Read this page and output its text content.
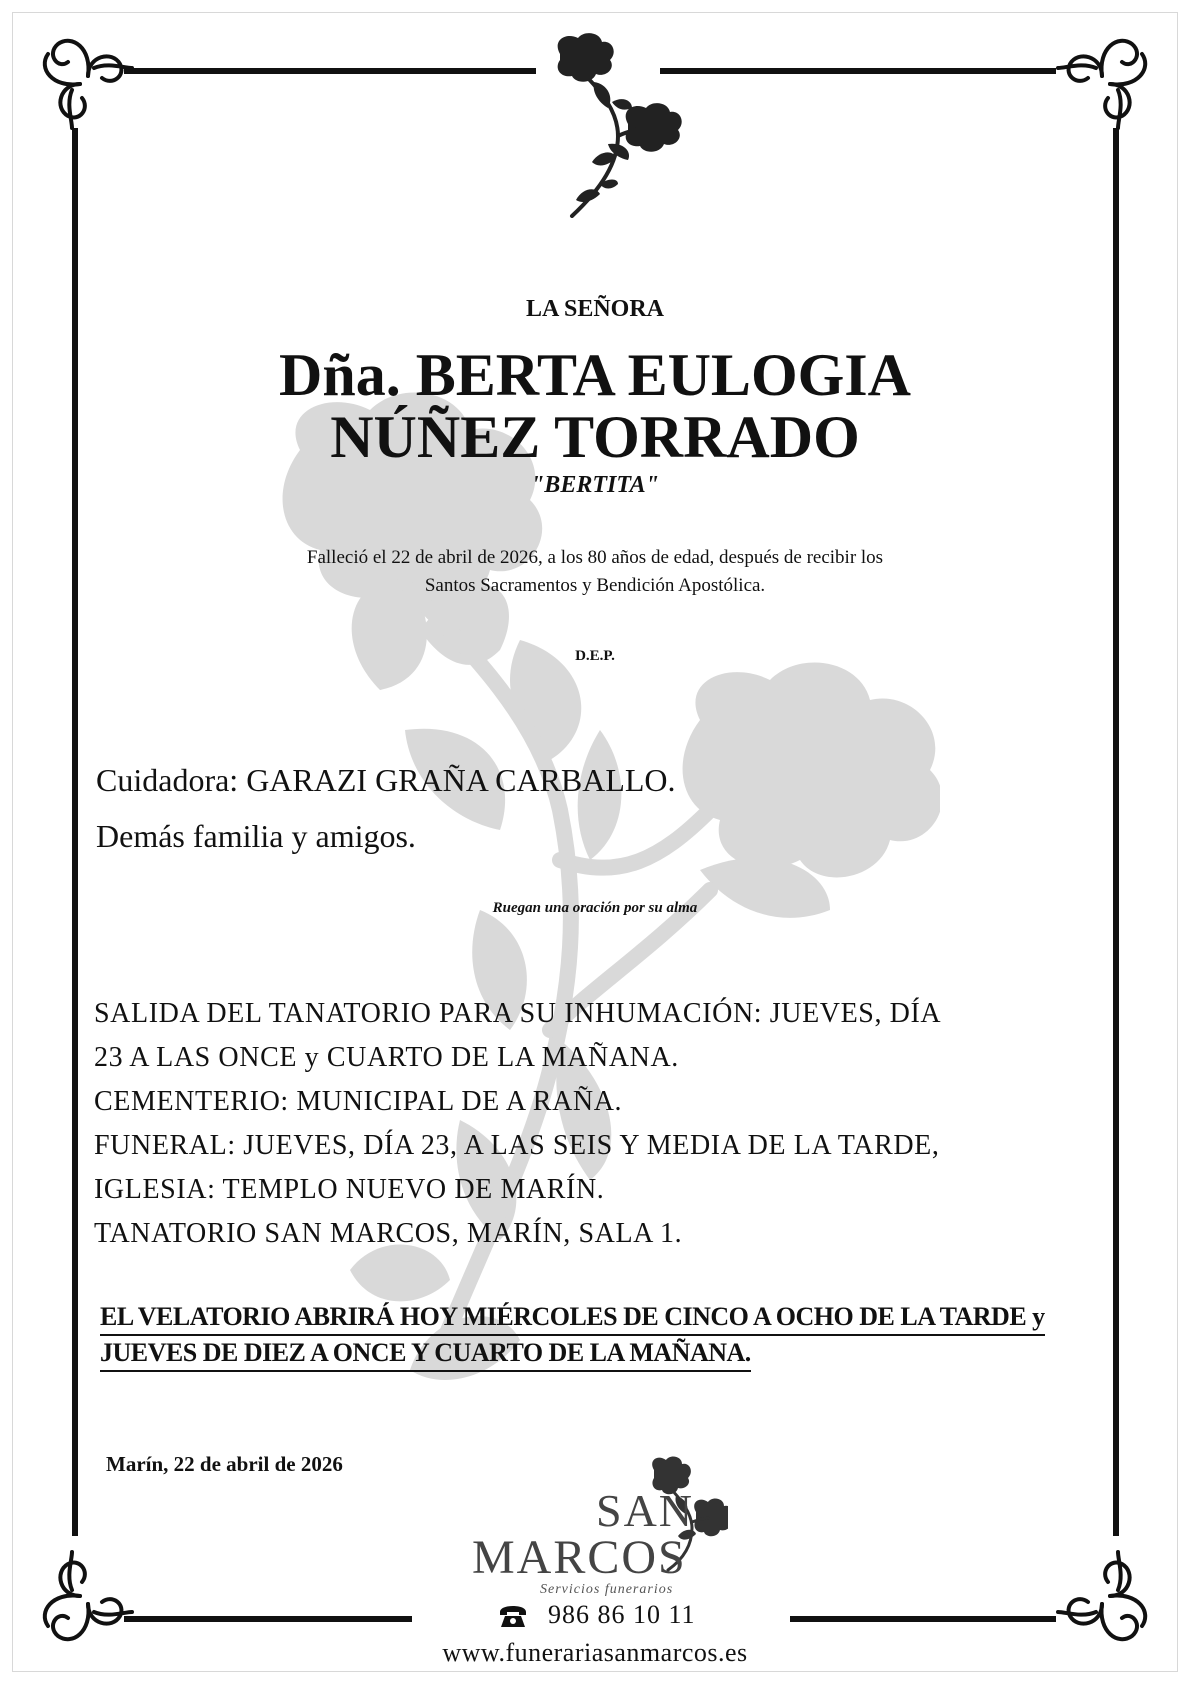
LA SEÑORA
Dña. BERTA EULOGIA
NÚÑEZ TORRADO
"BERTITA"
Falleció el 22 de abril de 2026, a los 80 años de edad, después de recibir los
Santos Sacramentos y Bendición Apostólica.
D.E.P.
Cuidadora: GARAZI GRAÑA CARBALLO.
Demás familia y amigos.
Ruegan una oración por su alma
SALIDA DEL TANATORIO PARA SU INHUMACIÓN: JUEVES, DÍA
23 A LAS ONCE y CUARTO DE LA MAÑANA.
CEMENTERIO: MUNICIPAL DE A RAÑA.
FUNERAL: JUEVES, DÍA 23, A LAS SEIS Y MEDIA DE LA TARDE,
IGLESIA: TEMPLO NUEVO DE MARÍN.
TANATORIO SAN MARCOS, MARÍN, SALA 1.
EL VELATORIO ABRIRÁ HOY MIÉRCOLES DE CINCO A OCHO DE LA TARDE y
JUEVES DE DIEZ A ONCE Y CUARTO DE LA MAÑANA.
Marín, 22 de abril de 2026
SAN
MARCOS
Servicios funerarios
986 86 10 11
www.funerariasanmarcos.es
